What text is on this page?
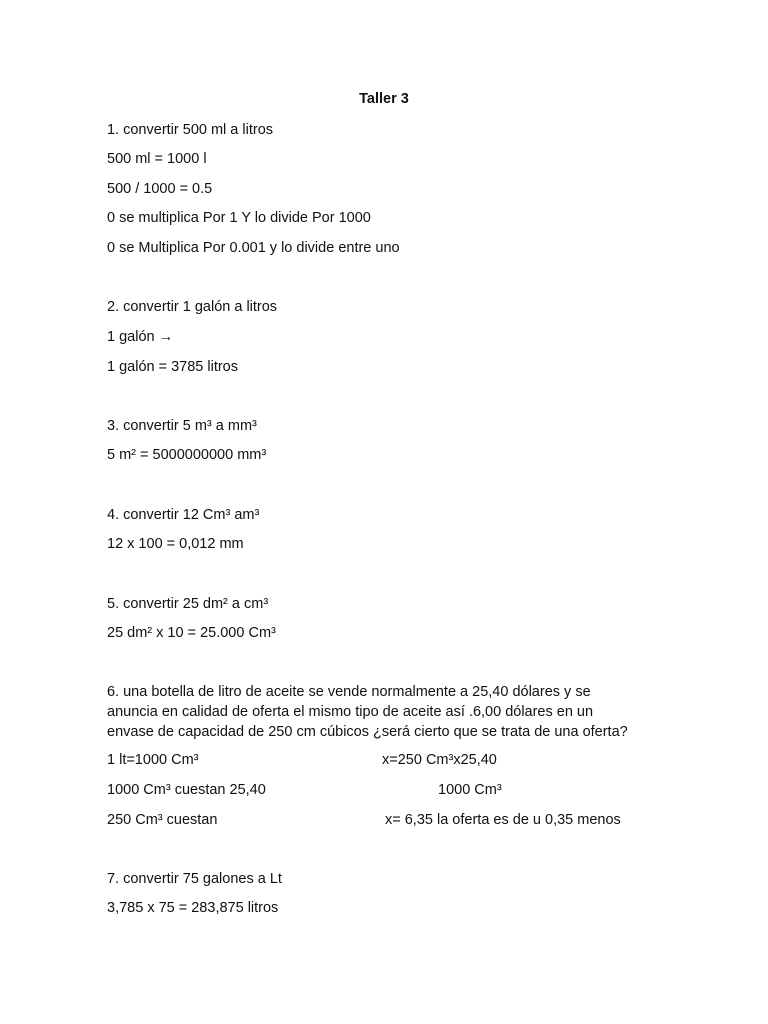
Taller 3
1. convertir 500 ml a litros
500 ml = 1000 l
500 / 1000 = 0.5
0 se multiplica Por 1 Y lo divide Por 1000
0 se Multiplica Por 0.001 y lo divide entre uno
2. convertir 1 galón a litros
1 galón →
1 galón = 3785 litros
3. convertir 5 m³ a mm³
5 m² = 5000000000 mm³
4. convertir 12 Cm³ am³
12 x 100 = 0,012 mm
5. convertir 25 dm² a cm³
25 dm² x 10 = 25.000 Cm³
6. una botella de litro de aceite se vende normalmente a 25,40 dólares y se
anuncia en calidad de oferta el mismo tipo de aceite así .6,00 dólares en un
envase de capacidad de 250 cm cúbicos ¿será cierto que se trata de una oferta?
1 lt=1000 Cm³	x=250 Cm³x25,40
1000 Cm³ cuestan 25,40	1000 Cm³
250 Cm³ cuestan	x= 6,35 la oferta es de u 0,35 menos
7. convertir 75 galones a Lt
3,785 x 75 = 283,875 litros
